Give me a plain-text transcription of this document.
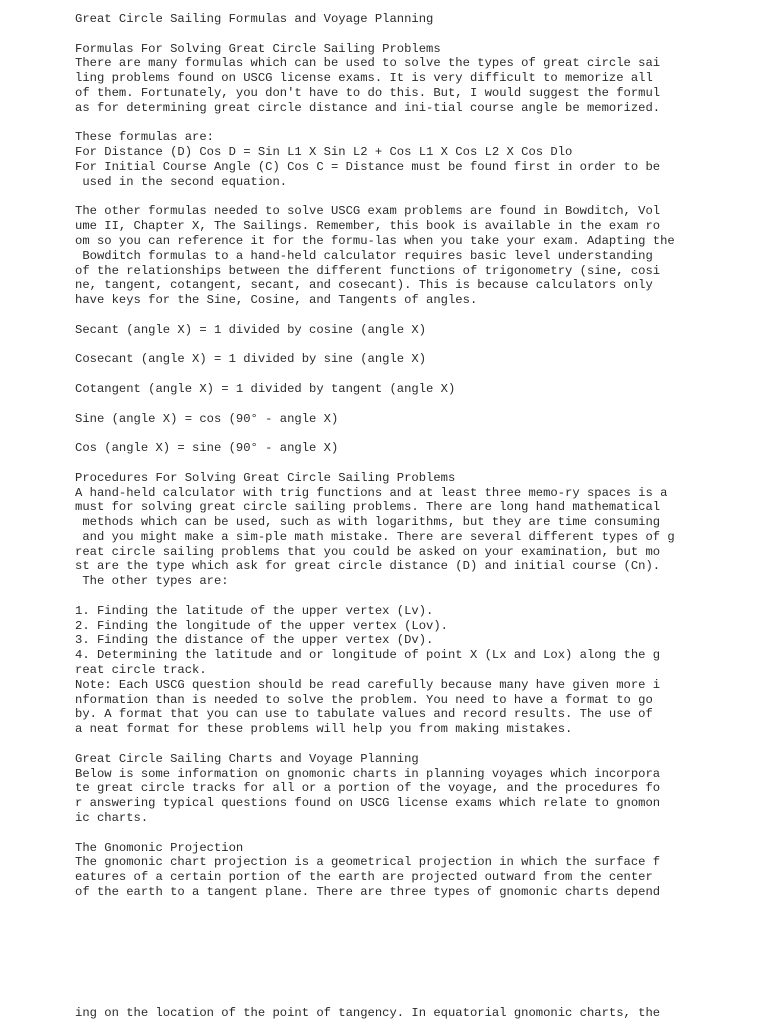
Great Circle Sailing Formulas and Voyage Planning
Formulas For Solving Great Circle Sailing Problems
There are many formulas which can be used to solve the types of great circle sai
ling problems found on USCG license exams. It is very difficult to memorize all
of them. Fortunately, you don't have to do this. But, I would suggest the formul
as for determining great circle distance and ini-tial course angle be memorized.
These formulas are:
For Distance (D) Cos D = Sin L1 X Sin L2 + Cos L1 X Cos L2 X Cos Dlo
For Initial Course Angle (C) Cos C = Distance must be found first in order to be
used in the second equation.
The other formulas needed to solve USCG exam problems are found in Bowditch, Vol
ume II, Chapter X, The Sailings. Remember, this book is available in the exam ro
om so you can reference it for the formu-las when you take your exam. Adapting the
Bowditch formulas to a hand-held calculator requires basic level understanding
of the relationships between the different functions of trigonometry (sine, cosi
ne, tangent, cotangent, secant, and cosecant). This is because calculators only
have keys for the Sine, Cosine, and Tangents of angles.
Secant (angle X) = 1 divided by cosine (angle X)
Cosecant (angle X) = 1 divided by sine (angle X)
Cotangent (angle X) = 1 divided by tangent (angle X)
Sine (angle X) = cos (90° - angle X)
Cos (angle X) = sine (90° - angle X)
Procedures For Solving Great Circle Sailing Problems
A hand-held calculator with trig functions and at least three memo-ry spaces is a
must for solving great circle sailing problems. There are long hand mathematical
methods which can be used, such as with logarithms, but they are time consuming
and you might make a sim-ple math mistake. There are several different types of g
reat circle sailing problems that you could be asked on your examination, but mo
st are the type which ask for great circle distance (D) and initial course (Cn).
The other types are:
1. Finding the latitude of the upper vertex (Lv).
2. Finding the longitude of the upper vertex (Lov).
3. Finding the distance of the upper vertex (Dv).
4. Determining the latitude and or longitude of point X (Lx and Lox) along the g
reat circle track.
Note: Each USCG question should be read carefully because many have given more i
nformation than is needed to solve the problem. You need to have a format to go
by. A format that you can use to tabulate values and record results. The use of
a neat format for these problems will help you from making mistakes.
Great Circle Sailing Charts and Voyage Planning
Below is some information on gnomonic charts in planning voyages which incorpora
te great circle tracks for all or a portion of the voyage, and the procedures fo
r answering typical questions found on USCG license exams which relate to gnomon
ic charts.
The Gnomonic Projection
The gnomonic chart projection is a geometrical projection in which the surface f
eatures of a certain portion of the earth are projected outward from the center
of the earth to a tangent plane. There are three types of gnomonic charts depend
ing on the location of the point of tangency. In equatorial gnomonic charts, the
